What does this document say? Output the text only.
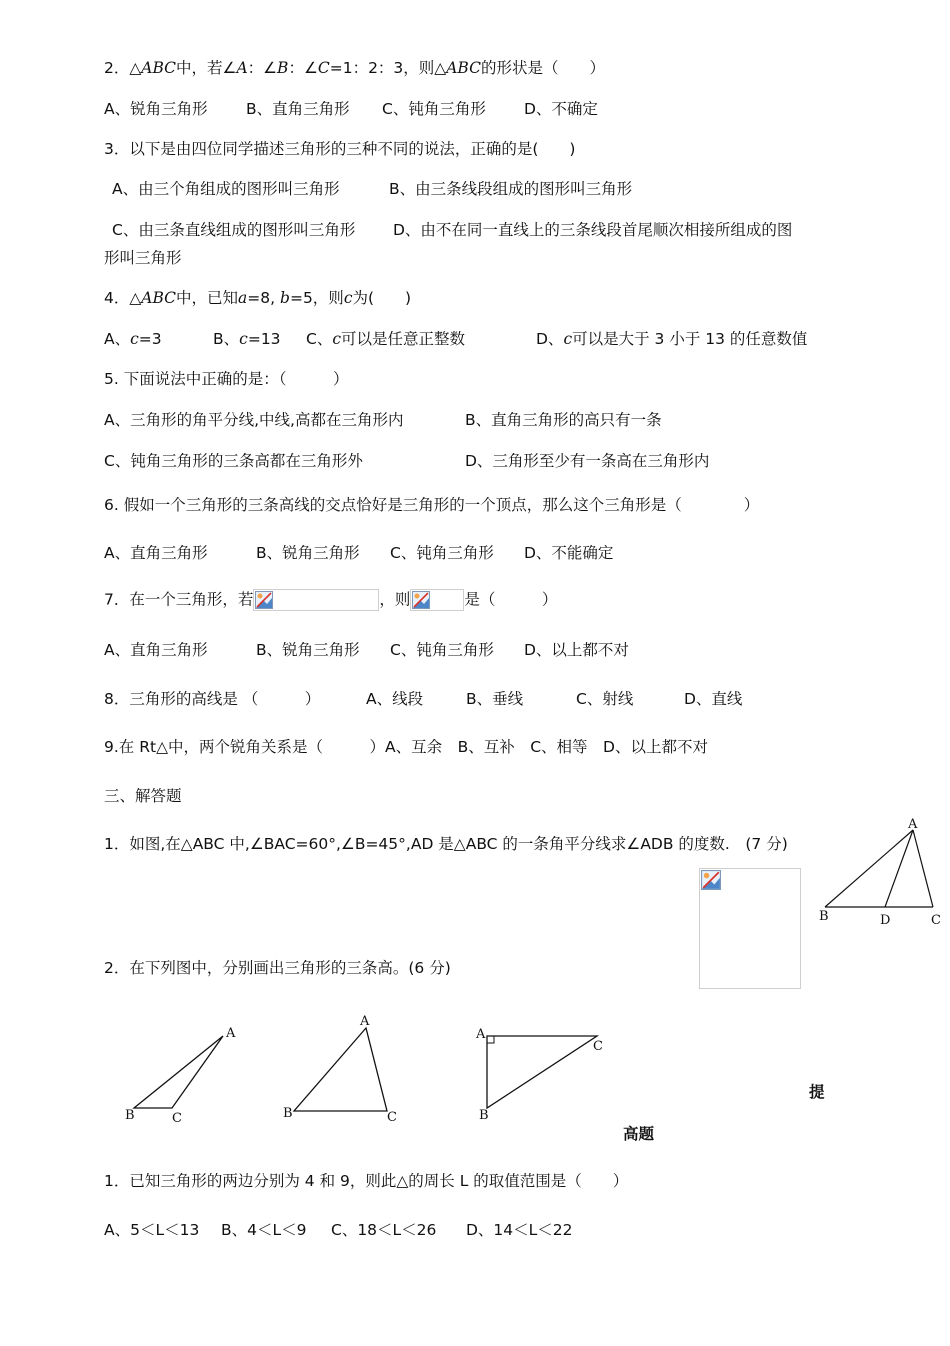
2．△ABC中，若∠A：∠B：∠C=1：2：3，则△ABC的形状是（　　）
A、锐角三角形 B、直角三角形 C、钝角三角形 D、不确定
3．以下是由四位同学描述三角形的三种不同的说法，正确的是(　　)
A、由三个角组成的图形叫三角形	B、由三条线段组成的图形叫三角形
C、由三条直线组成的图形叫三角形 D、由不在同一直线上的三条线段首尾顺次相接所组成的图
形叫三角形
4．△ABC中，已知a=8, b=5，则c为(　　)
A、c=3	B、c=13 C、c可以是任意正整数	D、c可以是大于 3 小于 13 的任意数值
5. 下面说法中正确的是：（　　　）
A、三角形的角平分线,中线,高都在三角形内	B、直角三角形的高只有一条
C、钝角三角形的三条高都在三角形外	D、三角形至少有一条高在三角形内
6. 假如一个三角形的三条高线的交点恰好是三角形的一个顶点，那么这个三角形是（　　　　）
A、直角三角形	B、锐角三角形 C、钝角三角形 D、不能确定
7．在一个三角形，若	，则	是（　　　）
A、直角三角形	B、锐角三角形 C、钝角三角形 D、以上都不对
8．三角形的高线是 （　　　）	A、线段	B、垂线	C、射线	D、直线
9.在 Rt△中，两个锐角关系是（　　　）A、互余　B、互补　C、相等　D、以上都不对
三、解答题
1．如图,在△ABC 中,∠BAC=60°,∠B=45°,AD 是△ABC 的一条角平分线求∠ADB 的度数.　(7 分)
A
B	D	C
2．在下列图中，分别画出三角形的三条高。(6 分)
A
B	C
A
B	C
A
B
C
提
高题
1．已知三角形的两边分别为 4 和 9，则此△的周长 L 的取值范围是（　　）
A、5＜L＜13 B、4＜L＜9 C、18＜L＜26 D、14＜L＜22
